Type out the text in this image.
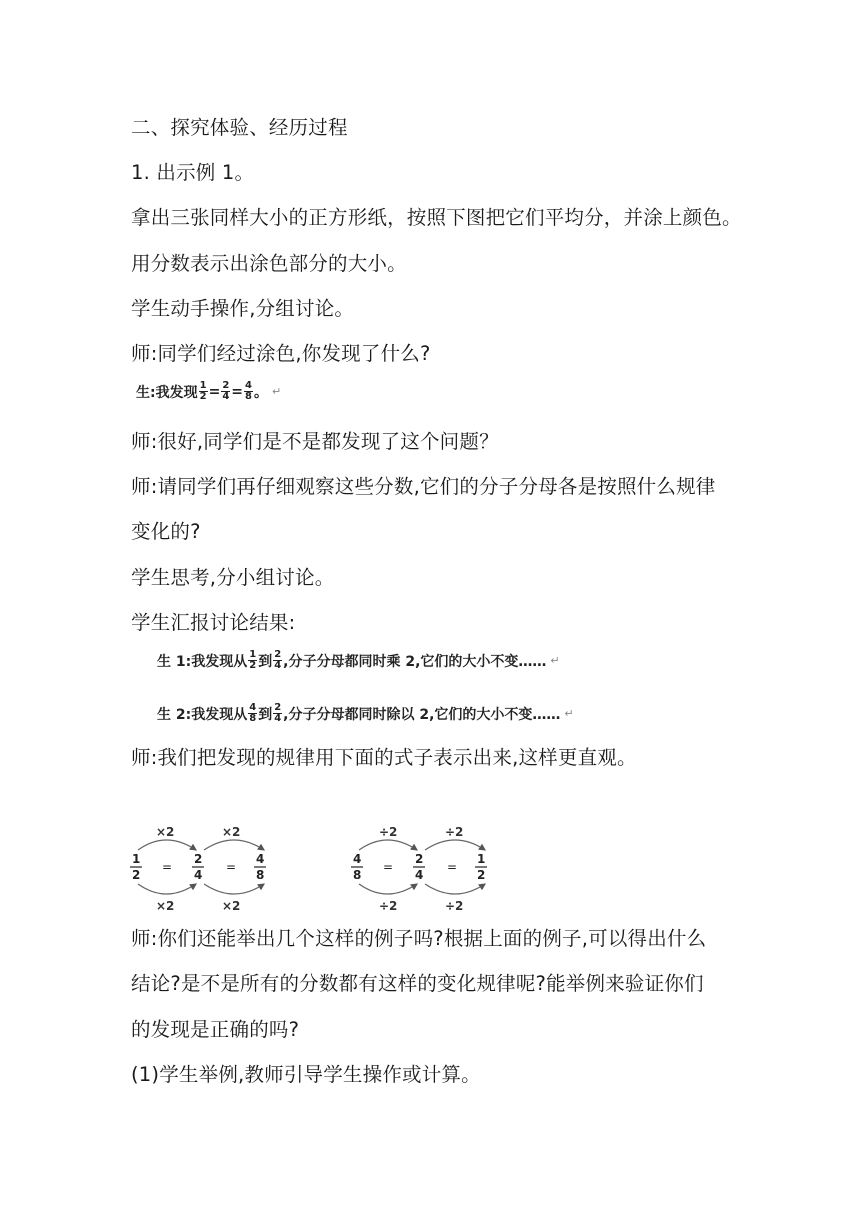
二、探究体验、经历过程
1. 出示例 1。
拿出三张同样大小的正方形纸，按照下图把它们平均分，并涂上颜色。
用分数表示出涂色部分的大小。
学生动手操作,分组讨论。
师:同学们经过涂色,你发现了什么?
生:我发现 $\frac{1}{2} = \frac{2}{4} = \frac{4}{8}$ 。 ↵
师:很好,同学们是不是都发现了这个问题？
师:请同学们再仔细观察这些分数,它们的分子分母各是按照什么规律
变化的?
学生思考,分小组讨论。
学生汇报讨论结果:
生 1:我发现从 $\frac{1}{2}$ 到 $\frac{2}{4}$ ,分子分母都同时乘 2,它们的大小不变…… ↵
生 2:我发现从 $\frac{4}{8}$ 到 $\frac{2}{4}$ ,分子分母都同时除以 2,它们的大小不变…… ↵
师:我们把发现的规律用下面的式子表示出来,这样更直观。
×2	×2
×2	×2
1
2
=
2
4
=
4
8
÷2	÷2
÷2	÷2
4
8
=
2
4
=
1
2
师:你们还能举出几个这样的例子吗?根据上面的例子,可以得出什么
结论?是不是所有的分数都有这样的变化规律呢?能举例来验证你们
的发现是正确的吗?
(1)学生举例,教师引导学生操作或计算。
